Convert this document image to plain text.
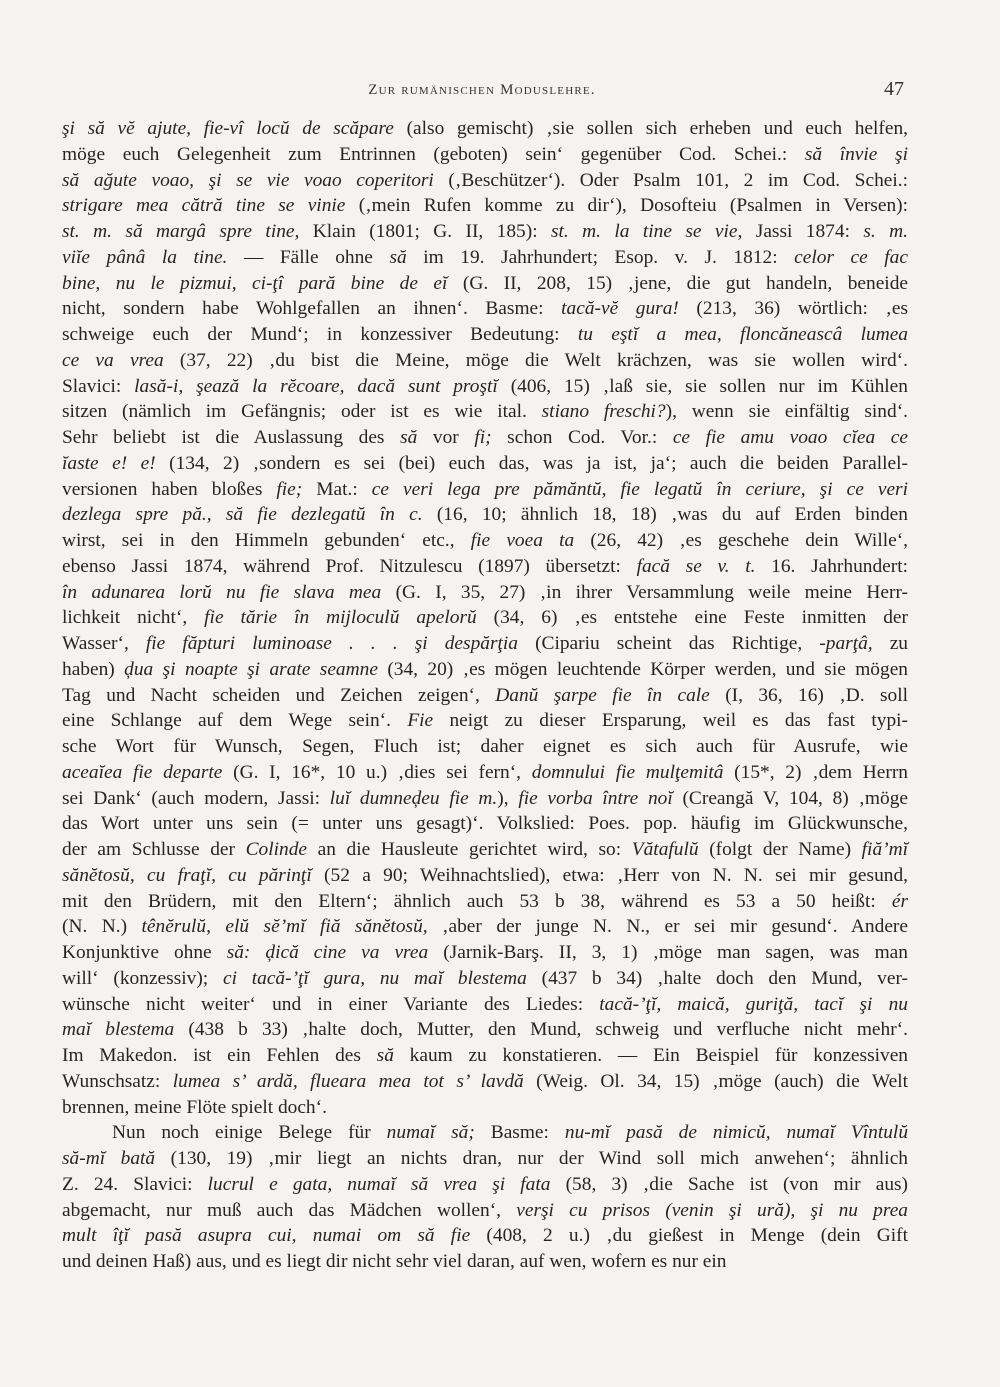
Zur rumänischen Moduslehre.	47
şi să vĕ ajute, fie-vî locŭ de scăpare (also gemischt) ‚sie sollen sich erheben und euch helfen,
möge euch Gelegenheit zum Entrinnen (geboten) sein‘ gegenüber Cod. Schei.: să învie şi
să ağute voao, şi se vie voao coperitori (‚Beschützer‘). Oder Psalm 101, 2 im Cod. Schei.:
strigare mea cătră tine se vinie (‚mein Rufen komme zu dir‘), Dosofteiu (Psalmen in Versen):
st. m. să margâ spre tine, Klain (1801; G. II, 185): st. m. la tine se vie, Jassi 1874: s. m.
viĭe pânâ la tine. — Fälle ohne să im 19. Jahrhundert; Esop. v. J. 1812: celor ce fac
bine, nu le pizmui, ci-ţî pară bine de eĭ (G. II, 208, 15) ‚jene, die gut handeln, beneide
nicht, sondern habe Wohlgefallen an ihnen‘. Basme: tacă-vĕ gura! (213, 36) wörtlich: ‚es
schweige euch der Mund‘; in konzessiver Bedeutung: tu eştĭ a mea, floncăneascâ lumea
ce va vrea (37, 22) ‚du bist die Meine, möge die Welt krächzen, was sie wollen wird‘.
Slavici: lasă-i, şează la rĕcoare, dacă sunt proştĭ (406, 15) ‚laß sie, sie sollen nur im Kühlen
sitzen (nämlich im Gefängnis; oder ist es wie ital. stiano freschi?), wenn sie einfältig sind‘.
Sehr beliebt ist die Auslassung des să vor fi; schon Cod. Vor.: ce fie amu voao cĭea ce
ĭaste e! e! (134, 2) ‚sondern es sei (bei) euch das, was ja ist, ja‘; auch die beiden Parallel-
versionen haben bloßes fie; Mat.: ce veri lega pre pămăntŭ, fie legatŭ în ceriure, şi ce veri
dezlega spre pă., să fie dezlegatŭ în c. (16, 10; ähnlich 18, 18) ‚was du auf Erden binden
wirst, sei in den Himmeln gebunden‘ etc., fie voea ta (26, 42) ‚es geschehe dein Wille‘,
ebenso Jassi 1874, während Prof. Nitzulescu (1897) übersetzt: facă se v. t. 16. Jahrhundert:
în adunarea lorŭ nu fie slava mea (G. I, 35, 27) ‚in ihrer Versammlung weile meine Herr-
lichkeit nicht‘, fie tărie în mijloculŭ apelorŭ (34, 6) ‚es entstehe eine Feste inmitten der
Wasser‘, fie făpturi luminoase . . . şi despărţia (Cipariu scheint das Richtige, -parţâ, zu
haben) ḑua şi noapte şi arate seamne (34, 20) ‚es mögen leuchtende Körper werden, und sie mögen
Tag und Nacht scheiden und Zeichen zeigen‘, Danŭ şarpe fie în cale (I, 36, 16) ‚D. soll
eine Schlange auf dem Wege sein‘. Fie neigt zu dieser Ersparung, weil es das fast typi-
sche Wort für Wunsch, Segen, Fluch ist; daher eignet es sich auch für Ausrufe, wie
aceaĭea fie departe (G. I, 16*, 10 u.) ‚dies sei fern‘, domnului fie mulţemitâ (15*, 2) ‚dem Herrn
sei Dank‘ (auch modern, Jassi: luĭ dumneḑeu fie m.), fie vorba între noĭ (Creangă V, 104, 8) ‚möge
das Wort unter uns sein (= unter uns gesagt)‘. Volkslied: Poes. pop. häufig im Glückwunsche,
der am Schlusse der Colinde an die Hausleute gerichtet wird, so: Vătafulŭ (folgt der Name) fiă’mĭ
sănĕtosŭ, cu fraţĭ, cu părinţĭ (52 a 90; Weihnachtslied), etwa: ‚Herr von N. N. sei mir gesund,
mit den Brüdern, mit den Eltern‘; ähnlich auch 53 b 38, während es 53 a 50 heißt: ér
(N. N.) tênĕrulŭ, elŭ sĕ’mĭ fiă sănĕtosŭ, ‚aber der junge N. N., er sei mir gesund‘. Andere
Konjunktive ohne să: ḑică cine va vrea (Jarnik-Barş. II, 3, 1) ‚möge man sagen, was man
will‘ (konzessiv); ci tacă-’ţĭ gura, nu maĭ blestema (437 b 34) ‚halte doch den Mund, ver-
wünsche nicht weiter‘ und in einer Variante des Liedes: tacă-’ţĭ, maică, guriţă, tacĭ şi nu
maĭ blestema (438 b 33) ‚halte doch, Mutter, den Mund, schweig und verfluche nicht mehr‘.
Im Makedon. ist ein Fehlen des să kaum zu konstatieren. — Ein Beispiel für konzessiven
Wunschsatz: lumea s’ ardă, flueara mea tot s’ lavdă (Weig. Ol. 34, 15) ‚möge (auch) die Welt
brennen, meine Flöte spielt doch‘.
Nun noch einige Belege für numaĭ să; Basme: nu-mĭ pasă de nimicŭ, numaĭ Vîntulŭ
să-mĭ bată (130, 19) ‚mir liegt an nichts dran, nur der Wind soll mich anwehen‘; ähnlich
Z. 24. Slavici: lucrul e gata, numaĭ să vrea şi fata (58, 3) ‚die Sache ist (von mir aus)
abgemacht, nur muß auch das Mädchen wollen‘, verşi cu prisos (venin şi ură), şi nu prea
mult îţĭ pasă asupra cui, numai om să fie (408, 2 u.) ‚du gießest in Menge (dein Gift
und deinen Haß) aus, und es liegt dir nicht sehr viel daran, auf wen, wofern es nur ein
